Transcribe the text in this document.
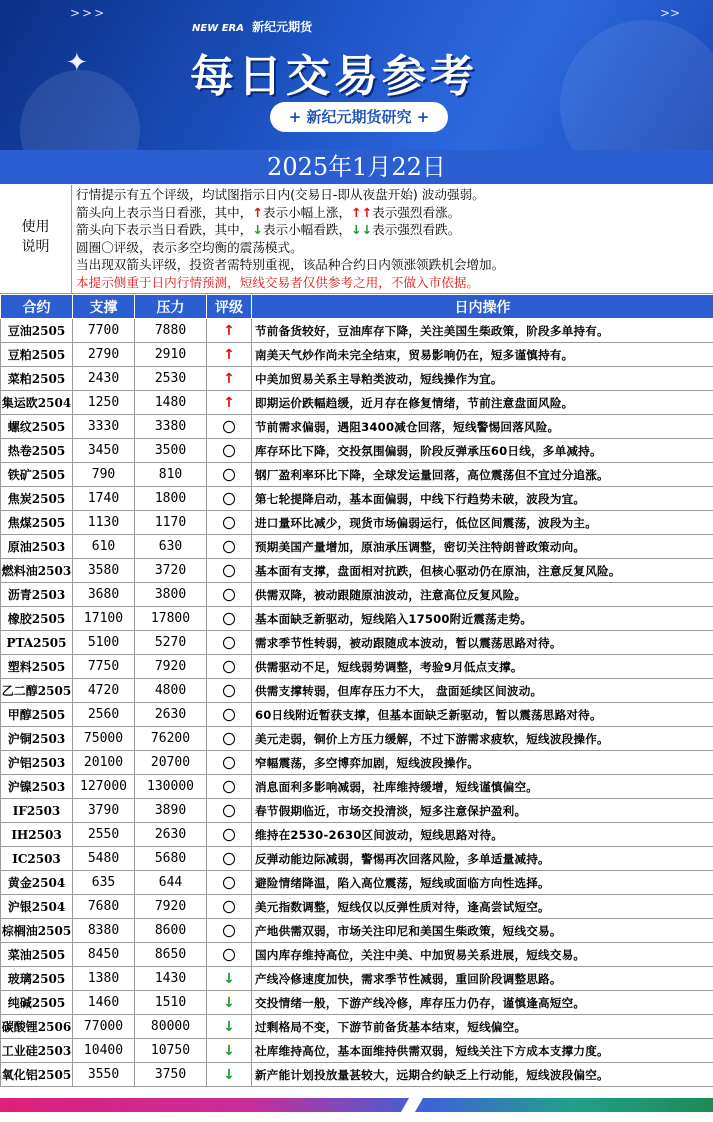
>>>	>>
✦
NEW ERA 新纪元期货
每日交易参考
+ 新纪元期货研究 +
2025年1月22日
使用说明
行情提示有五个评级，均试图指示日内(交易日-即从夜盘开始) 波动强弱。
箭头向上表示当日看涨，其中，↑表示小幅上涨，↑↑表示强烈看涨。
箭头向下表示当日看跌，其中，↓表示小幅看跌，↓↓表示强烈看跌。
圆圈〇评级，表示多空均衡的震荡模式。
当出现双箭头评级，投资者需特别重视，该品种合约日内领涨领跌机会增加。
本提示侧重于日内行情预测，短线交易者仅供参考之用，不做入市依据。
合约	支撑	压力	评级	日内操作
豆油2505	7700	7880	↑	节前备货较好，豆油库存下降，关注美国生柴政策，阶段多单持有。
豆粕2505	2790	2910	↑	南美天气炒作尚未完全结束，贸易影响仍在，短多谨慎持有。
菜粕2505	2430	2530	↑	中美加贸易关系主导粕类波动，短线操作为宜。
集运欧2504	1250	1480	↑	即期运价跌幅趋缓，近月存在修复情绪，节前注意盘面风险。
螺纹2505	3330	3380	〇	节前需求偏弱，遇阻3400减仓回落，短线警惕回落风险。
热卷2505	3450	3500	〇	库存环比下降，交投氛围偏弱，阶段反弹承压60日线，多单减持。
铁矿2505	790	810	〇	钢厂盈利率环比下降，全球发运量回落，高位震荡但不宜过分追涨。
焦炭2505	1740	1800	〇	第七轮提降启动，基本面偏弱，中线下行趋势未破，波段为宜。
焦煤2505	1130	1170	〇	进口量环比减少，现货市场偏弱运行，低位区间震荡，波段为主。
原油2503	610	630	〇	预期美国产量增加，原油承压调整，密切关注特朗普政策动向。
燃料油2503	3580	3720	〇	基本面有支撑，盘面相对抗跌，但核心驱动仍在原油，注意反复风险。
沥青2503	3680	3800	〇	供需双降，被动跟随原油波动，注意高位反复风险。
橡胶2505	17100	17800	〇	基本面缺乏新驱动，短线陷入17500附近震荡走势。
PTA2505	5100	5270	〇	需求季节性转弱，被动跟随成本波动，暂以震荡思路对待。
塑料2505	7750	7920	〇	供需驱动不足，短线弱势调整，考验9月低点支撑。
乙二醇2505	4720	4800	〇	供需支撑转弱，但库存压力不大， 盘面延续区间波动。
甲醇2505	2560	2630	〇	60日线附近暂获支撑，但基本面缺乏新驱动，暂以震荡思路对待。
沪铜2503	75000	76200	〇	美元走弱，铜价上方压力缓解，不过下游需求疲软，短线波段操作。
沪铝2503	20100	20700	〇	窄幅震荡，多空博弈加剧，短线波段操作。
沪镍2503	127000	130000	〇	消息面利多影响减弱，社库维持缓增，短线谨慎偏空。
IF2503	3790	3890	〇	春节假期临近，市场交投清淡，短多注意保护盈利。
IH2503	2550	2630	〇	维持在2530-2630区间波动，短线思路对待。
IC2503	5480	5680	〇	反弹动能边际减弱，警惕再次回落风险，多单适量减持。
黄金2504	635	644	〇	避险情绪降温，陷入高位震荡，短线或面临方向性选择。
沪银2504	7680	7920	〇	美元指数调整，短线仅以反弹性质对待，逢高尝试短空。
棕榈油2505	8380	8600	〇	产地供需双弱，市场关注印尼和美国生柴政策，短线交易。
菜油2505	8450	8650	〇	国内库存维持高位，关注中美、中加贸易关系进展，短线交易。
玻璃2505	1380	1430	↓	产线冷修速度加快，需求季节性减弱，重回阶段调整思路。
纯碱2505	1460	1510	↓	交投情绪一般，下游产线冷修，库存压力仍存，谨慎逢高短空。
碳酸锂2506	77000	80000	↓	过剩格局不变，下游节前备货基本结束，短线偏空。
工业硅2503	10400	10750	↓	社库维持高位，基本面维持供需双弱，短线关注下方成本支撑力度。
氧化铝2505	3550	3750	↓	新产能计划投放量甚较大，远期合约缺乏上行动能，短线波段偏空。
